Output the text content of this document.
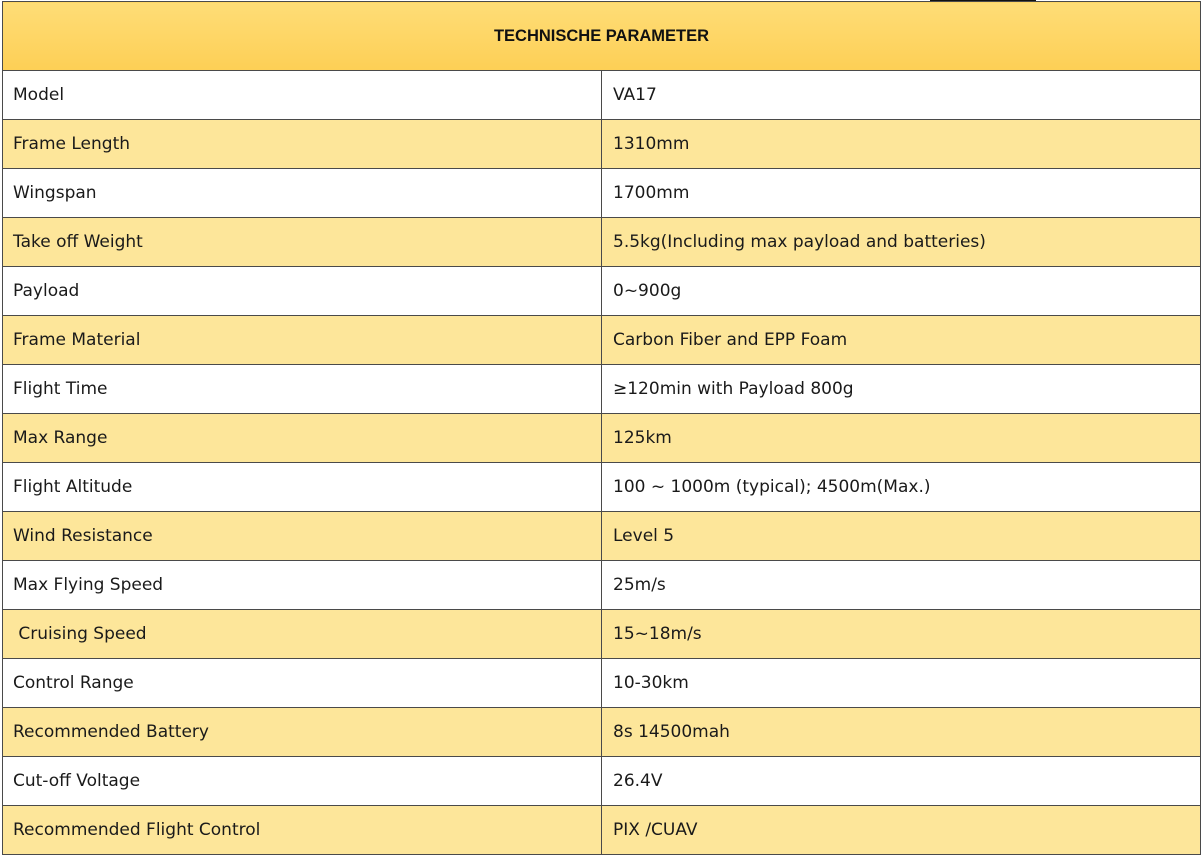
TECHNISCHE PARAMETER	
Model	VA17
Frame Length	1310mm
Wingspan	1700mm
Take off Weight	5.5kg(Including max payload and batteries)
Payload	0~900g
Frame Material	Carbon Fiber and EPP Foam
Flight Time	≥120min with Payload 800g
Max Range	125km
Flight Altitude	100 ~ 1000m (typical); 4500m(Max.)
Wind Resistance	Level 5
Max Flying Speed	25m/s
Cruising Speed	15~18m/s
Control Range	10-30km
Recommended Battery	8s 14500mah
Cut-off Voltage	26.4V
Recommended Flight Control	PIX /CUAV
